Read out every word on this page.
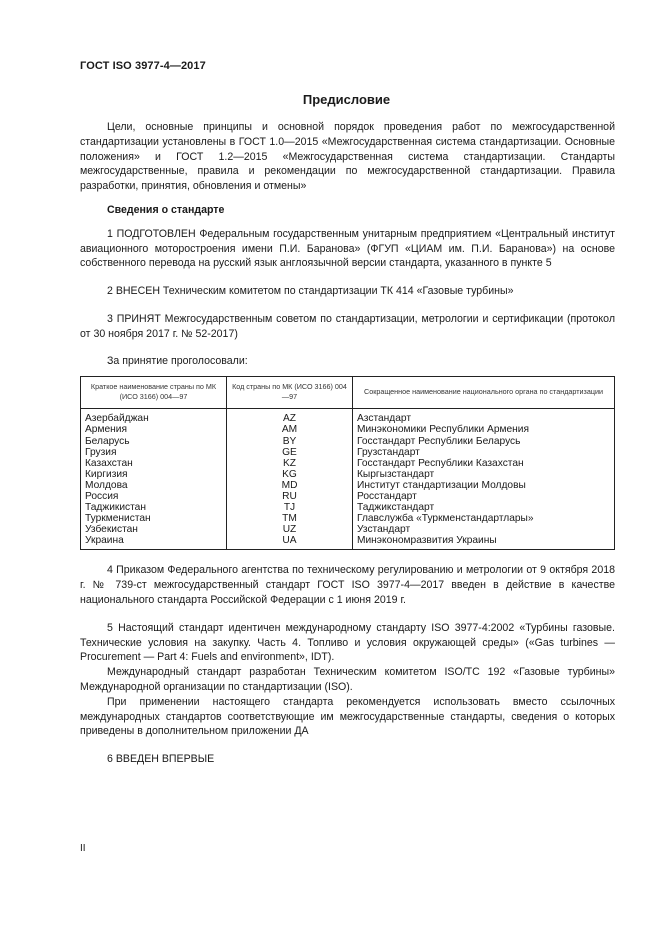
ГОСТ ISO 3977-4—2017
Предисловие

Цели, основные принципы и основной порядок проведения работ по межгосударственной стандартизации установлены в ГОСТ 1.0—2015 «Межгосударственная система стандартизации. Основные положения» и ГОСТ 1.2—2015 «Межгосударственная система стандартизации. Стандарты межгосударственные, правила и рекомендации по межгосударственной стандартизации. Правила разработки, принятия, обновления и отмены»

Сведения о стандарте

1 ПОДГОТОВЛЕН Федеральным государственным унитарным предприятием «Центральный институт авиационного моторостроения имени П.И. Баранова» (ФГУП «ЦИАМ им. П.И. Баранова») на основе собственного перевода на русский язык англоязычной версии стандарта, указанного в пункте 5

2 ВНЕСЕН Техническим комитетом по стандартизации ТК 414 «Газовые турбины»

3 ПРИНЯТ Межгосударственным советом по стандартизации, метрологии и сертификации (протокол от 30 ноября 2017 г. № 52-2017)

За принятие проголосовали:

Краткое наименование страны по МК (ИСО 3166) 004—97	Код страны по МК (ИСО 3166) 004—97	Сокращенное наименование национального органа по стандартизации
Азербайджан	AZ	Азстандарт
Армения	AM	Минэкономики Республики Армения
Беларусь	BY	Госстандарт Республики Беларусь
Грузия	GE	Грузстандарт
Казахстан	KZ	Госстандарт Республики Казахстан
Киргизия	KG	Кыргызстандарт
Молдова	MD	Институт стандартизации Молдовы
Россия	RU	Росстандарт
Таджикистан	TJ	Таджикстандарт
Туркменистан	TM	Главслужба «Туркменстандартлары»
Узбекистан	UZ	Узстандарт
Украина	UA	Минэкономразвития Украины

4 Приказом Федерального агентства по техническому регулированию и метрологии от 9 октября 2018 г. № 739-ст межгосударственный стандарт ГОСТ ISO 3977-4—2017 введен в действие в качестве национального стандарта Российской Федерации с 1 июня 2019 г.

5 Настоящий стандарт идентичен международному стандарту ISO 3977-4:2002 «Турбины газовые. Технические условия на закупку. Часть 4. Топливо и условия окружающей среды» («Gas turbines — Procurement — Part 4: Fuels and environment», IDT).

Международный стандарт разработан Техническим комитетом ISO/TC 192 «Газовые турбины» Международной организации по стандартизации (ISO).

При применении настоящего стандарта рекомендуется использовать вместо ссылочных международных стандартов соответствующие им межгосударственные стандарты, сведения о которых приведены в дополнительном приложении ДА

6 ВВЕДЕН ВПЕРВЫЕ

II
